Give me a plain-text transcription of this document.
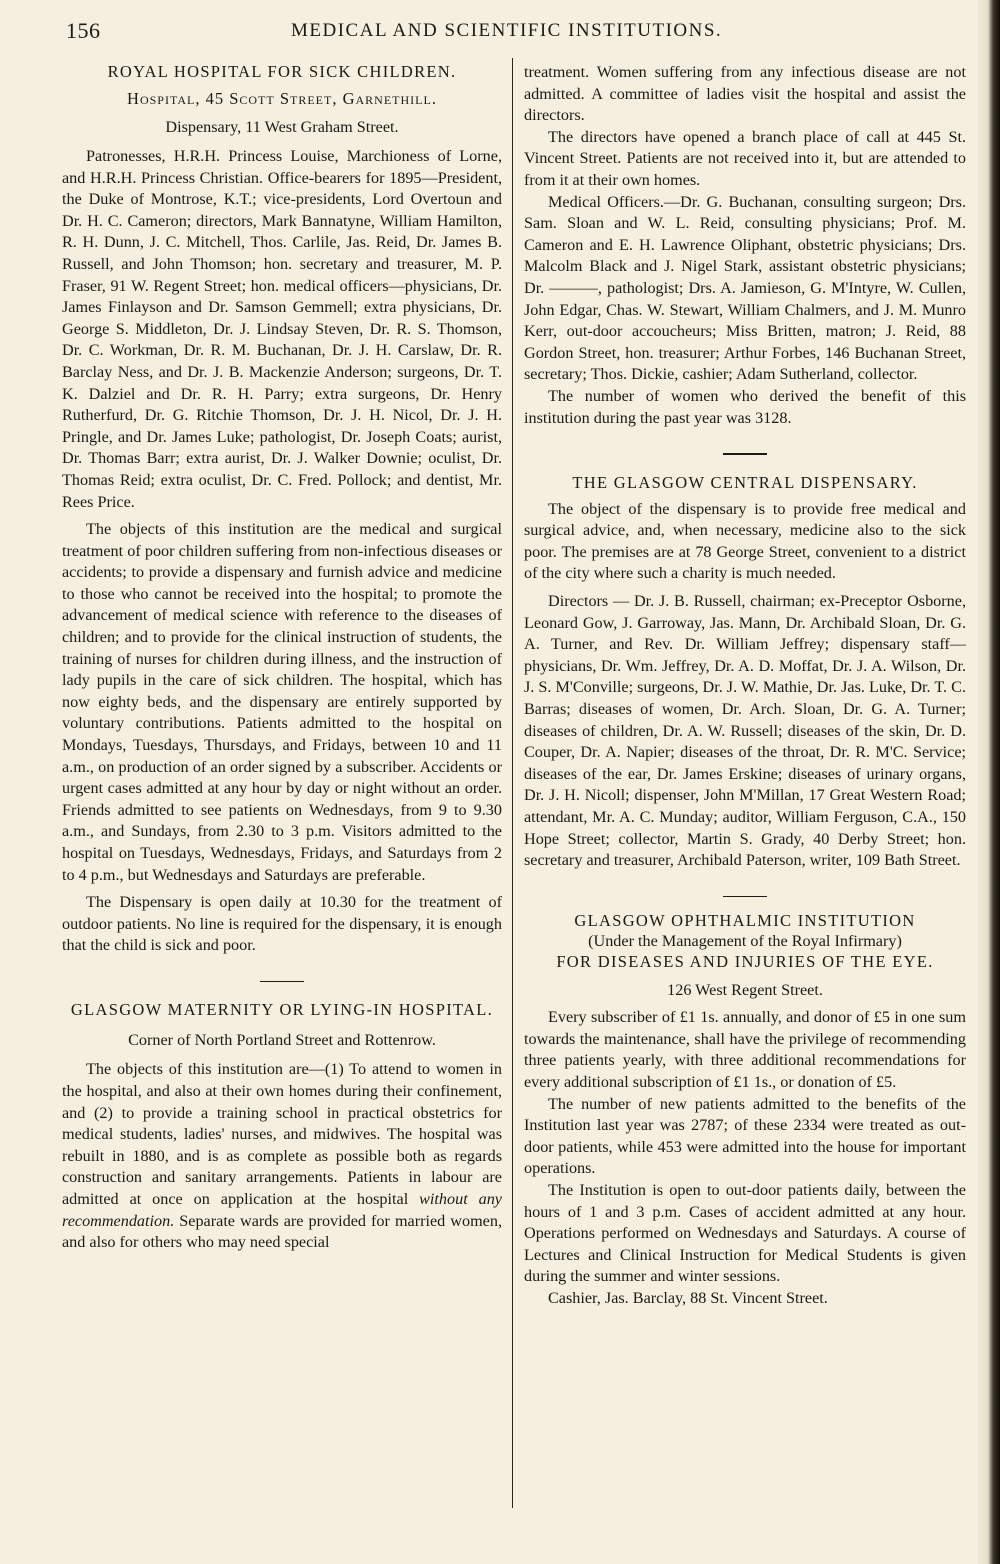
156	MEDICAL AND SCIENTIFIC INSTITUTIONS.
ROYAL HOSPITAL FOR SICK CHILDREN.
Hospital, 45 Scott Street, Garnethill.
Dispensary, 11 West Graham Street.

Patronesses, H.R.H. Princess Louise, Marchioness of Lorne, and H.R.H. Princess Christian. Office-bearers for 1895—President, the Duke of Montrose, K.T.; vice-presidents, Lord Overtoun and Dr. H. C. Cameron; directors, Mark Bannatyne, William Hamilton, R. H. Dunn, J. C. Mitchell, Thos. Carlile, Jas. Reid, Dr. James B. Russell, and John Thomson; hon. secretary and treasurer, M. P. Fraser, 91 W. Regent Street; hon. medical officers—physicians, Dr. James Finlayson and Dr. Samson Gemmell; extra physicians, Dr. George S. Middleton, Dr. J. Lindsay Steven, Dr. R. S. Thomson, Dr. C. Workman, Dr. R. M. Buchanan, Dr. J. H. Carslaw, Dr. R. Barclay Ness, and Dr. J. B. Mackenzie Anderson; surgeons, Dr. T. K. Dalziel and Dr. R. H. Parry; extra surgeons, Dr. Henry Rutherfurd, Dr. G. Ritchie Thomson, Dr. J. H. Nicol, Dr. J. H. Pringle, and Dr. James Luke; pathologist, Dr. Joseph Coats; aurist, Dr. Thomas Barr; extra aurist, Dr. J. Walker Downie; oculist, Dr. Thomas Reid; extra oculist, Dr. C. Fred. Pollock; and dentist, Mr. Rees Price.

The objects of this institution are the medical and surgical treatment of poor children suffering from non-infectious diseases or accidents; to provide a dispensary and furnish advice and medicine to those who cannot be received into the hospital; to promote the advancement of medical science with reference to the diseases of children; and to provide for the clinical instruction of students, the training of nurses for children during illness, and the instruction of lady pupils in the care of sick children. The hospital, which has now eighty beds, and the dispensary are entirely supported by voluntary contributions. Patients admitted to the hospital on Mondays, Tuesdays, Thursdays, and Fridays, between 10 and 11 a.m., on production of an order signed by a subscriber. Accidents or urgent cases admitted at any hour by day or night without an order. Friends admitted to see patients on Wednesdays, from 9 to 9.30 a.m., and Sundays, from 2.30 to 3 p.m. Visitors admitted to the hospital on Tuesdays, Wednesdays, Fridays, and Saturdays from 2 to 4 p.m., but Wednesdays and Saturdays are preferable.

The Dispensary is open daily at 10.30 for the treatment of outdoor patients. No line is required for the dispensary, it is enough that the child is sick and poor.

GLASGOW MATERNITY OR LYING-IN HOSPITAL.
Corner of North Portland Street and Rottenrow.

The objects of this institution are—(1) To attend to women in the hospital, and also at their own homes during their confinement, and (2) to provide a training school in practical obstetrics for medical students, ladies' nurses, and midwives. The hospital was rebuilt in 1880, and is as complete as possible both as regards construction and sanitary arrangements. Patients in labour are admitted at once on application at the hospital without any recommendation. Separate wards are provided for married women, and also for others who may need special

treatment. Women suffering from any infectious disease are not admitted. A committee of ladies visit the hospital and assist the directors.

The directors have opened a branch place of call at 445 St. Vincent Street. Patients are not received into it, but are attended to from it at their own homes.

Medical Officers.—Dr. G. Buchanan, consulting surgeon; Drs. Sam. Sloan and W. L. Reid, consulting physicians; Prof. M. Cameron and E. H. Lawrence Oliphant, obstetric physicians; Drs. Malcolm Black and J. Nigel Stark, assistant obstetric physicians; Dr. ———, pathologist; Drs. A. Jamieson, G. M'Intyre, W. Cullen, John Edgar, Chas. W. Stewart, William Chalmers, and J. M. Munro Kerr, out-door accoucheurs; Miss Britten, matron; J. Reid, 88 Gordon Street, hon. treasurer; Arthur Forbes, 146 Buchanan Street, secretary; Thos. Dickie, cashier; Adam Sutherland, collector.

The number of women who derived the benefit of this institution during the past year was 3128.

THE GLASGOW CENTRAL DISPENSARY.

The object of the dispensary is to provide free medical and surgical advice, and, when necessary, medicine also to the sick poor. The premises are at 78 George Street, convenient to a district of the city where such a charity is much needed.

Directors — Dr. J. B. Russell, chairman; ex-Preceptor Osborne, Leonard Gow, J. Garroway, Jas. Mann, Dr. Archibald Sloan, Dr. G. A. Turner, and Rev. Dr. William Jeffrey; dispensary staff—physicians, Dr. Wm. Jeffrey, Dr. A. D. Moffat, Dr. J. A. Wilson, Dr. J. S. M'Conville; surgeons, Dr. J. W. Mathie, Dr. Jas. Luke, Dr. T. C. Barras; diseases of women, Dr. Arch. Sloan, Dr. G. A. Turner; diseases of children, Dr. A. W. Russell; diseases of the skin, Dr. D. Couper, Dr. A. Napier; diseases of the throat, Dr. R. M'C. Service; diseases of the ear, Dr. James Erskine; diseases of urinary organs, Dr. J. H. Nicoll; dispenser, John M'Millan, 17 Great Western Road; attendant, Mr. A. C. Munday; auditor, William Ferguson, C.A., 150 Hope Street; collector, Martin S. Grady, 40 Derby Street; hon. secretary and treasurer, Archibald Paterson, writer, 109 Bath Street.

GLASGOW OPHTHALMIC INSTITUTION
(Under the Management of the Royal Infirmary)
FOR DISEASES AND INJURIES OF THE EYE.
126 West Regent Street.

Every subscriber of £1 1s. annually, and donor of £5 in one sum towards the maintenance, shall have the privilege of recommending three patients yearly, with three additional recommendations for every additional subscription of £1 1s., or donation of £5.

The number of new patients admitted to the benefits of the Institution last year was 2787; of these 2334 were treated as out-door patients, while 453 were admitted into the house for important operations.

The Institution is open to out-door patients daily, between the hours of 1 and 3 p.m. Cases of accident admitted at any hour. Operations performed on Wednesdays and Saturdays. A course of Lectures and Clinical Instruction for Medical Students is given during the summer and winter sessions.

Cashier, Jas. Barclay, 88 St. Vincent Street.
